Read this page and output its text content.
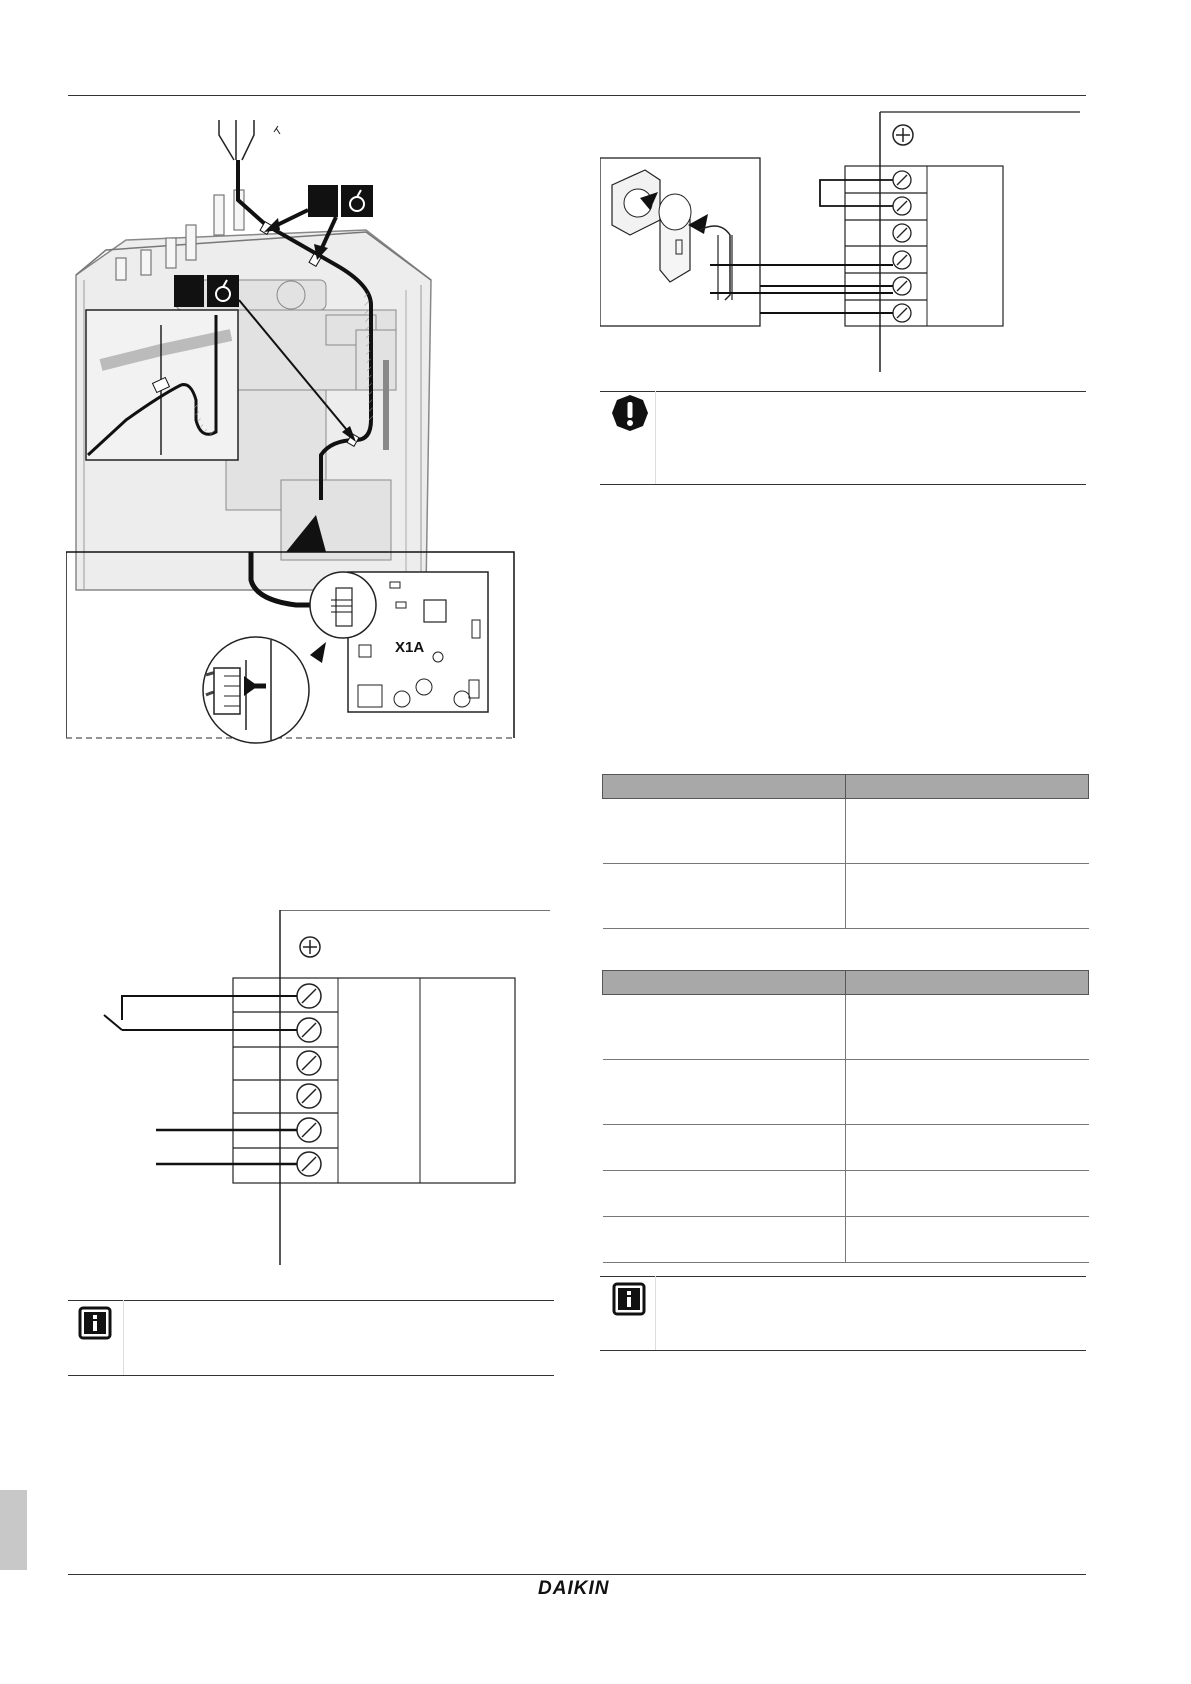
X1A

DAIKIN
